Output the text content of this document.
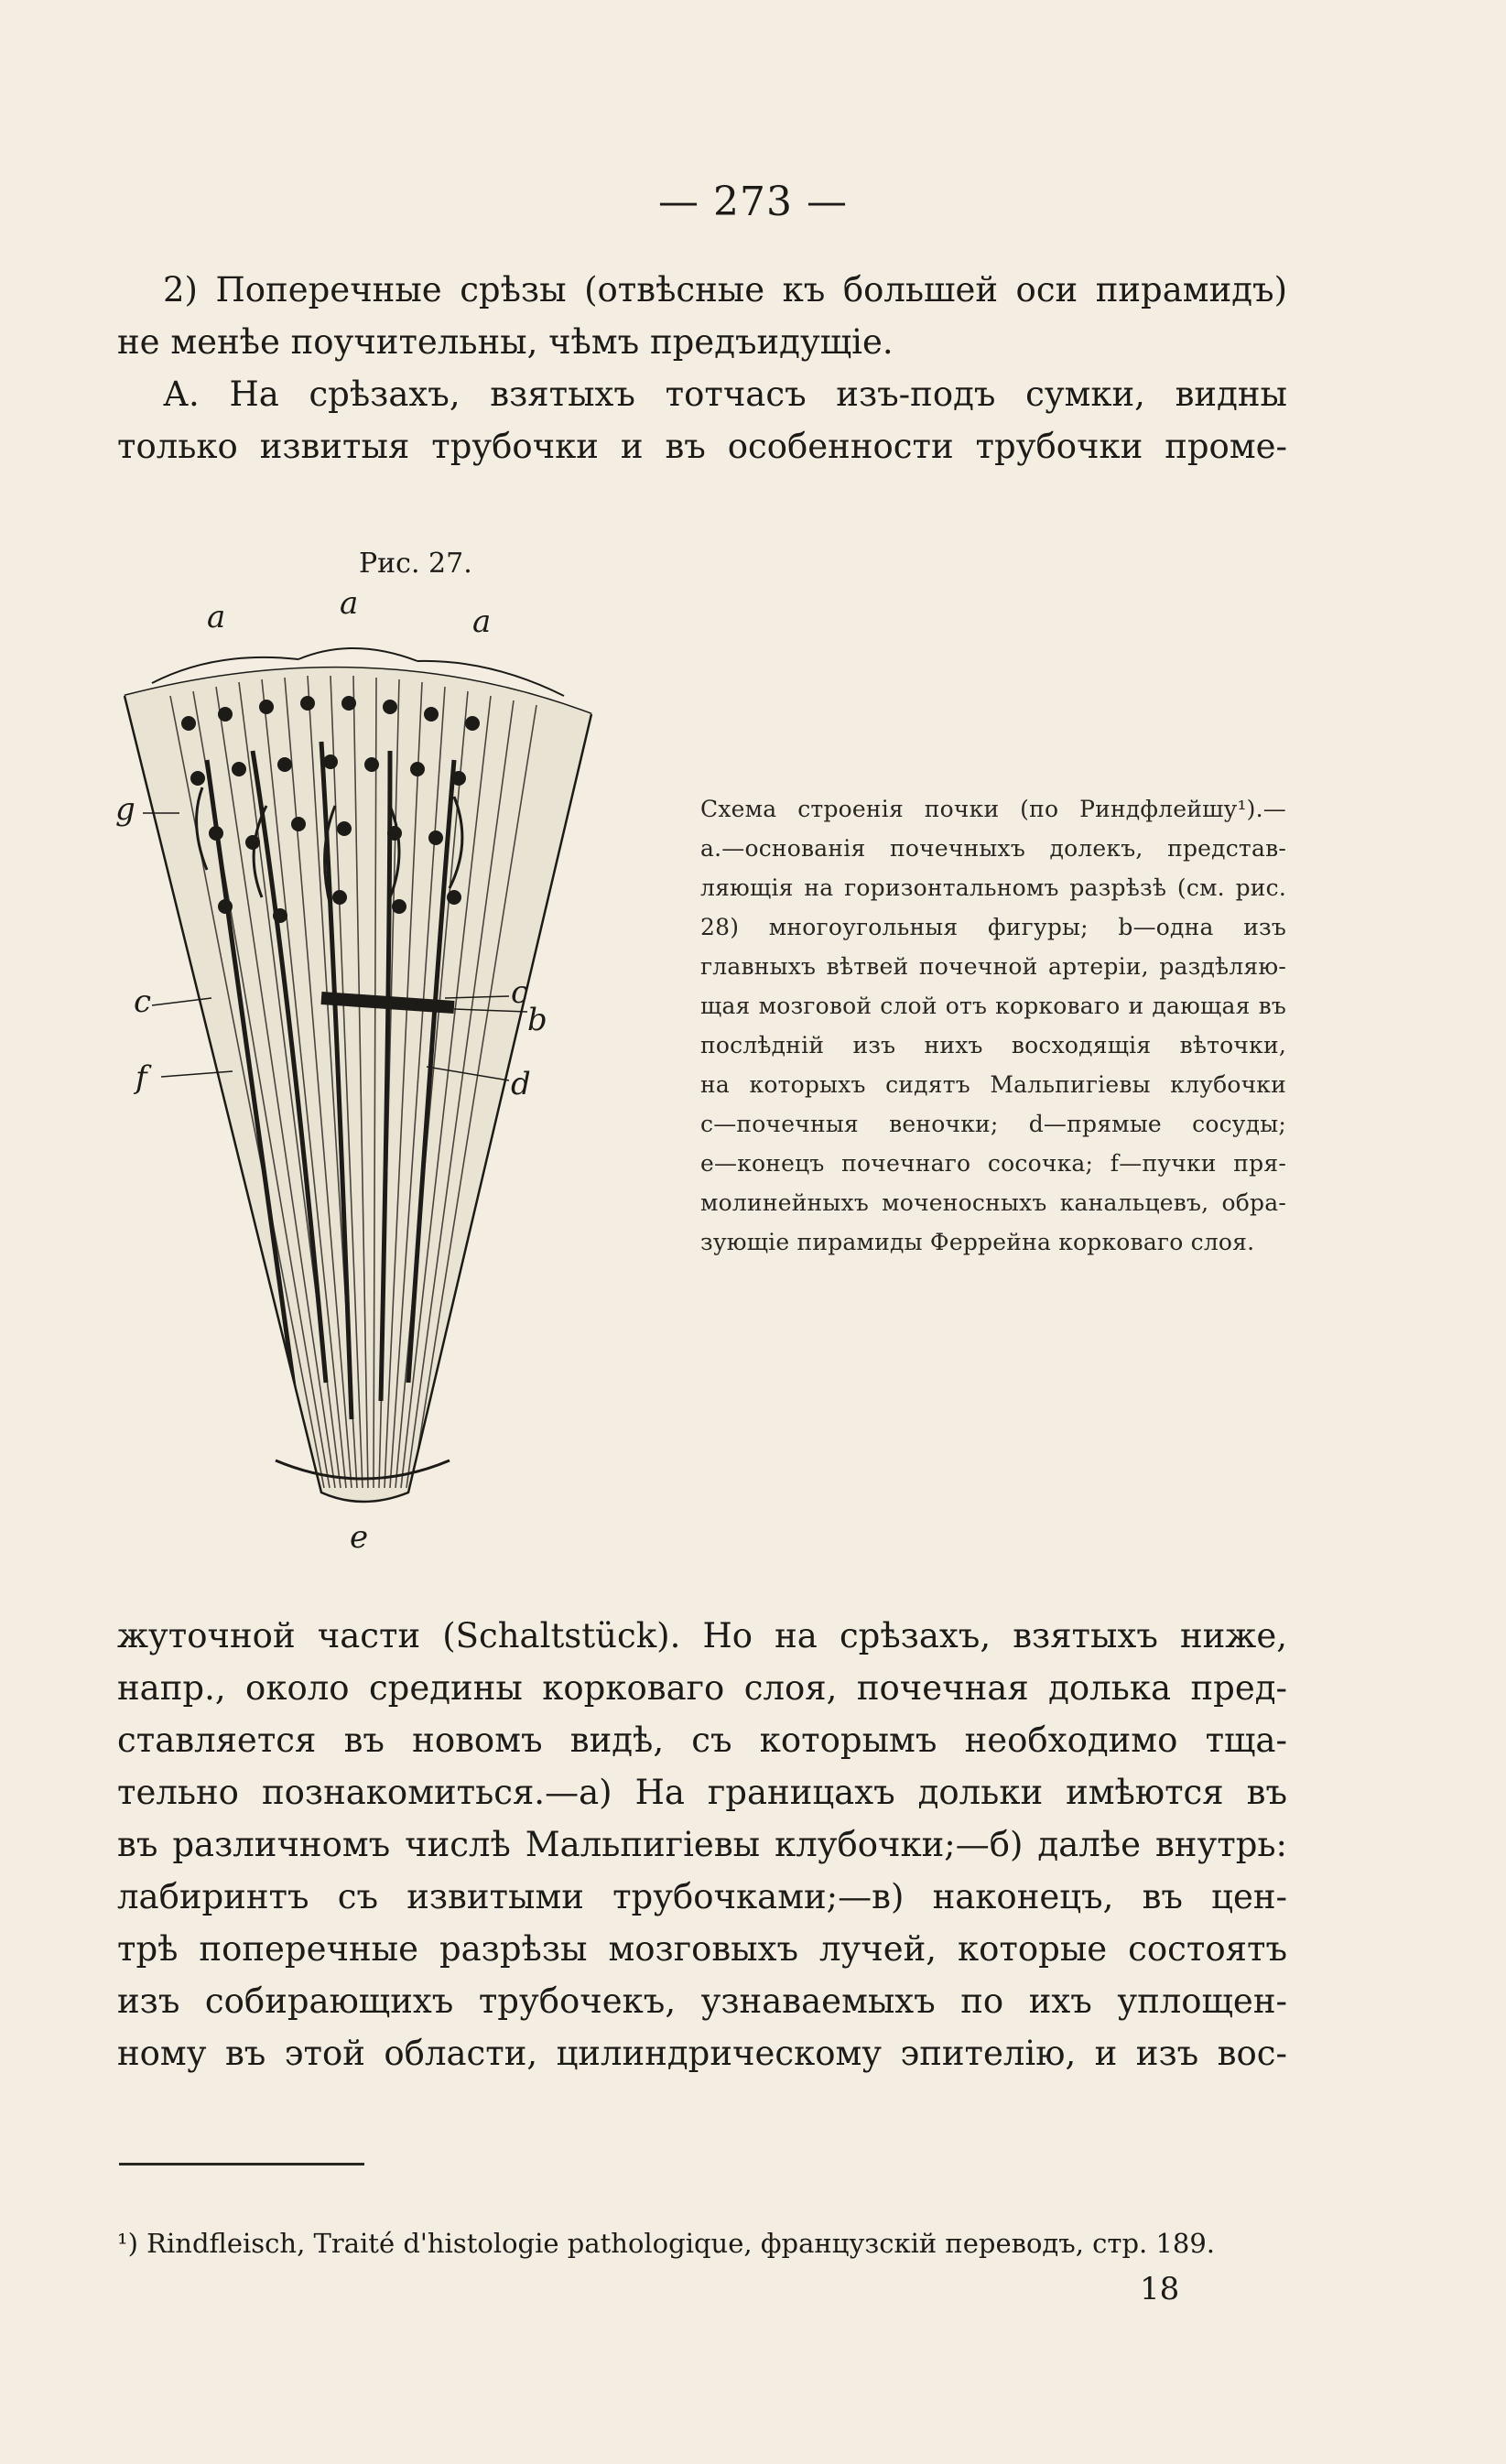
— 273 —
2) Поперечные срѣзы (отвѣсные къ большей оси пирамидъ)
не менѣе поучительны, чѣмъ предъидущіе.
А. На срѣзахъ, взятыхъ тотчасъ изъ-подъ сумки, видны
только извитыя трубочки и въ особенности трубочки проме-
Рис. 27.
a	a	a
g
c
f
c
b
d
e
Схема строенія почки (по Риндфлейшу¹).—
a.—основанія почечныхъ долекъ, представ-
ляющія на горизонтальномъ разрѣзѣ (см. рис.
28) многоугольныя фигуры; b—одна изъ
главныхъ вѣтвей почечной артеріи, раздѣляю-
щая мозговой слой отъ корковаго и дающая въ
послѣдній изъ нихъ восходящія вѣточки,
на которыхъ сидятъ Мальпигіевы клубочки
c—почечныя веночки; d—прямые сосуды;
e—конецъ почечнаго сосочка; f—пучки пря-
молинейныхъ моченосныхъ канальцевъ, обра-
зующіе пирамиды Феррейна корковаго слоя.
жуточной части (Schaltstück). Но на срѣзахъ, взятыхъ ниже,
напр., около средины корковаго слоя, почечная долька пред-
ставляется въ новомъ видѣ, съ которымъ необходимо тща-
тельно познакомиться.—а) На границахъ дольки имѣются въ
въ различномъ числѣ Мальпигіевы клубочки;—б) далѣе внутрь:
лабиринтъ съ извитыми трубочками;—в) наконецъ, въ цен-
трѣ поперечные разрѣзы мозговыхъ лучей, которые состоятъ
изъ собирающихъ трубочекъ, узнаваемыхъ по ихъ уплощен-
ному въ этой области, цилиндрическому эпителію, и изъ вос-
¹) Rindfleisch, Traité d'histologie pathologique, французскій переводъ, стр. 189.
18
